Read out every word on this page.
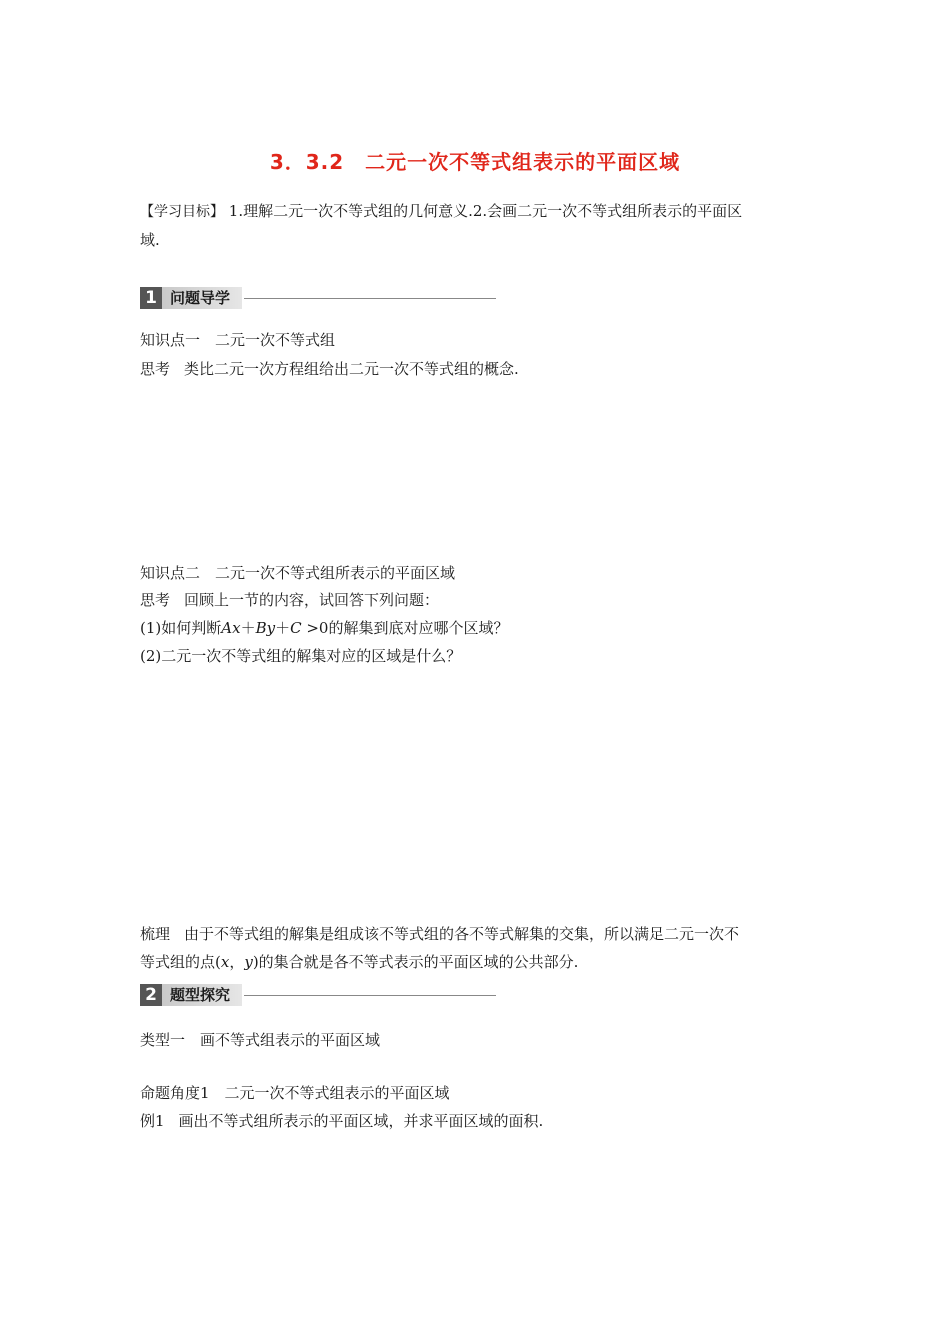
3．3.2　二元一次不等式组表示的平面区域
【学习目标】 1.理解二元一次不等式组的几何意义.2.会画二元一次不等式组所表示的平面区
域.
1 问题导学
知识点一　二元一次不等式组
思考 类比二元一次方程组给出二元一次不等式组的概念.
知识点二　二元一次不等式组所表示的平面区域
思考 回顾上一节的内容，试回答下列问题：
(1)如何判断Ax＋By＋C >0的解集到底对应哪个区域？
(2)二元一次不等式组的解集对应的区域是什么？
梳理 由于不等式组的解集是组成该不等式组的各不等式解集的交集，所以满足二元一次不
等式组的点(x，y)的集合就是各不等式表示的平面区域的公共部分.
2 题型探究
类型一　画不等式组表示的平面区域
命题角度1　二元一次不等式组表示的平面区域
例1 画出不等式组所表示的平面区域，并求平面区域的面积.
